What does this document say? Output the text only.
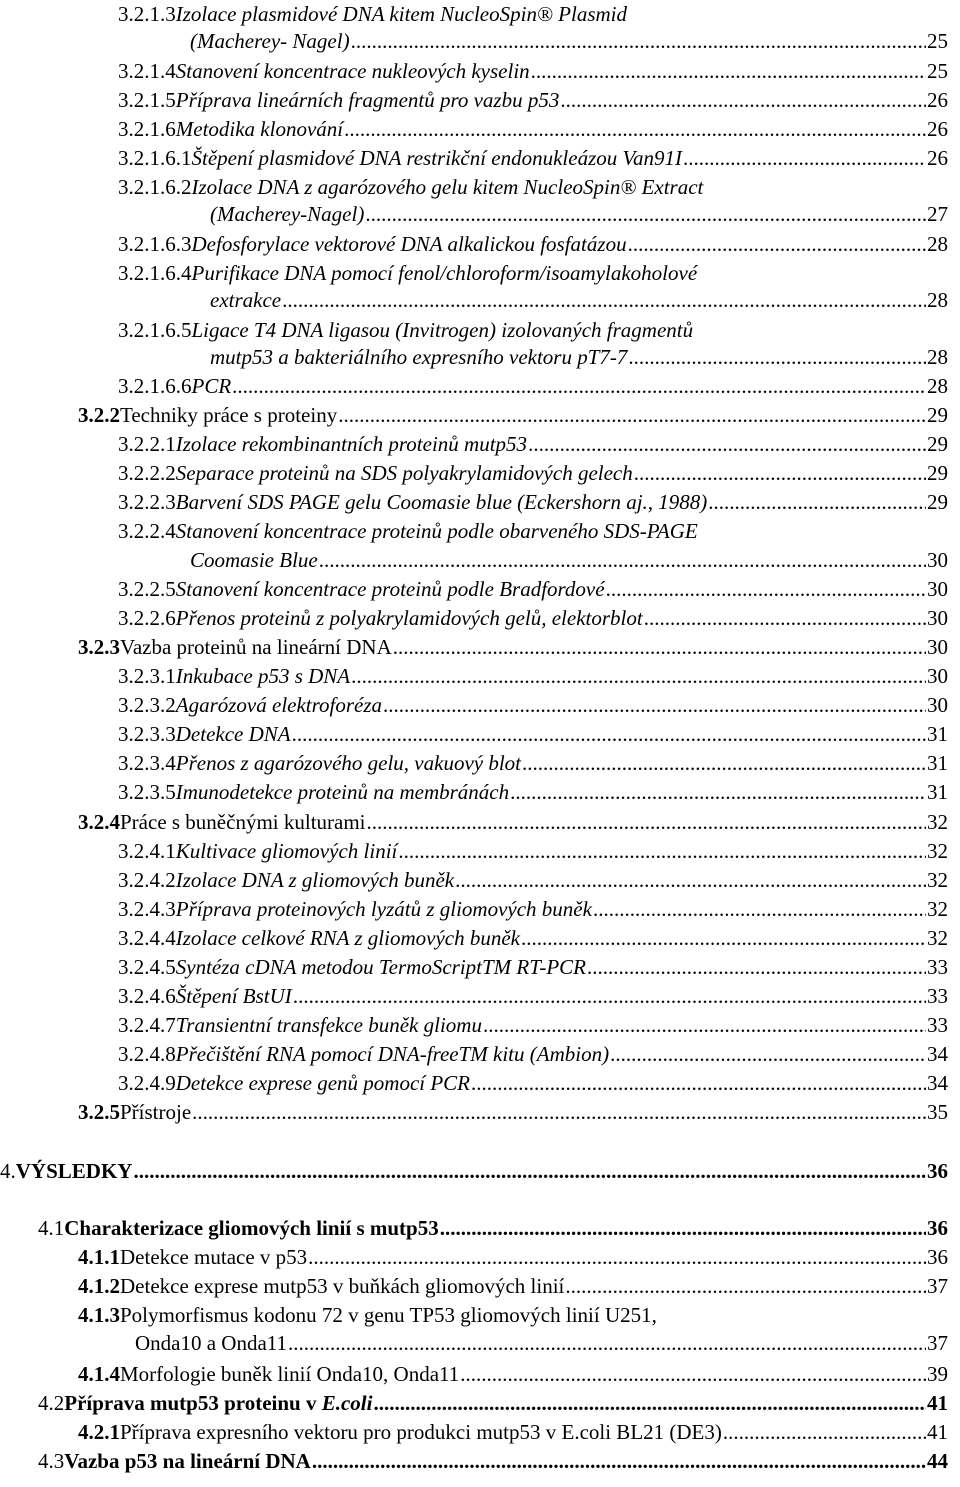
3.2.1.3 Izolace plasmidové DNA kitem NucleoSpin® Plasmid
(Macherey- Nagel) .....	25
3.2.1.4 Stanovení koncentrace nukleových kyselin .....	25
3.2.1.5 Příprava lineárních fragmentů pro vazbu p53 .....	26
3.2.1.6 Metodika klonování .....	26
3.2.1.6.1 Štěpení plasmidové DNA restrikční endonukleázou Van91I .....	26
3.2.1.6.2 Izolace DNA z agarózového gelu kitem NucleoSpin® Extract
(Macherey-Nagel) .....	27
3.2.1.6.3 Defosforylace vektorové DNA alkalickou fosfatázou .....	28
3.2.1.6.4 Purifikace DNA pomocí fenol/chloroform/isoamylakoholové
extrakce .....	28
3.2.1.6.5 Ligace T4 DNA ligasou (Invitrogen) izolovaných fragmentů
mutp53 a bakteriálního expresního vektoru pT7-7 .....	28
3.2.1.6.6 PCR .....	28
3.2.2 Techniky práce s proteiny .....	29
3.2.2.1 Izolace rekombinantních proteinů mutp53 .....	29
3.2.2.2 Separace proteinů na SDS polyakrylamidových gelech .....	29
3.2.2.3 Barvení SDS PAGE gelu Coomasie blue (Eckershorn aj., 1988) .....	29
3.2.2.4 Stanovení koncentrace proteinů podle obarveného SDS-PAGE
Coomasie Blue .....	30
3.2.2.5 Stanovení koncentrace proteinů podle Bradfordové .....	30
3.2.2.6 Přenos proteinů z polyakrylamidových gelů, elektorblot .....	30
3.2.3 Vazba proteinů na lineární DNA .....	30
3.2.3.1 Inkubace p53 s DNA .....	30
3.2.3.2 Agarózová elektroforéza .....	30
3.2.3.3 Detekce DNA .....	31
3.2.3.4 Přenos z agarózového gelu, vakuový blot .....	31
3.2.3.5 Imunodetekce proteinů na membránách .....	31
3.2.4 Práce s buněčnými kulturami .....	32
3.2.4.1 Kultivace gliomových linií .....	32
3.2.4.2 Izolace DNA z gliomových buněk .....	32
3.2.4.3 Příprava proteinových lyzátů z gliomových buněk .....	32
3.2.4.4 Izolace celkové RNA z gliomových buněk .....	32
3.2.4.5 Syntéza cDNA metodou TermoScriptTM RT-PCR .....	33
3.2.4.6 Štěpení BstUI .....	33
3.2.4.7 Transientní transfekce buněk gliomu .....	33
3.2.4.8 Přečištění RNA pomocí DNA-freeTM kitu (Ambion) .....	34
3.2.4.9 Detekce exprese genů pomocí PCR .....	34
3.2.5 Přístroje .....	35
4. VÝSLEDKY .....	36
4.1 Charakterizace gliomových linií s mutp53 .....	36
4.1.1 Detekce mutace v p53 .....	36
4.1.2 Detekce exprese mutp53 v buňkách gliomových linií .....	37
4.1.3 Polymorfismus kodonu 72 v genu TP53 gliomových linií U251,
Onda10 a Onda11 .....	37
4.1.4 Morfologie buněk linií Onda10, Onda11 .....	39
4.2 Příprava mutp53 proteinu v E.coli .....	41
4.2.1 Příprava expresního vektoru pro produkci mutp53 v E.coli BL21 (DE3) .....	41
4.3 Vazba p53 na lineární DNA .....	44
